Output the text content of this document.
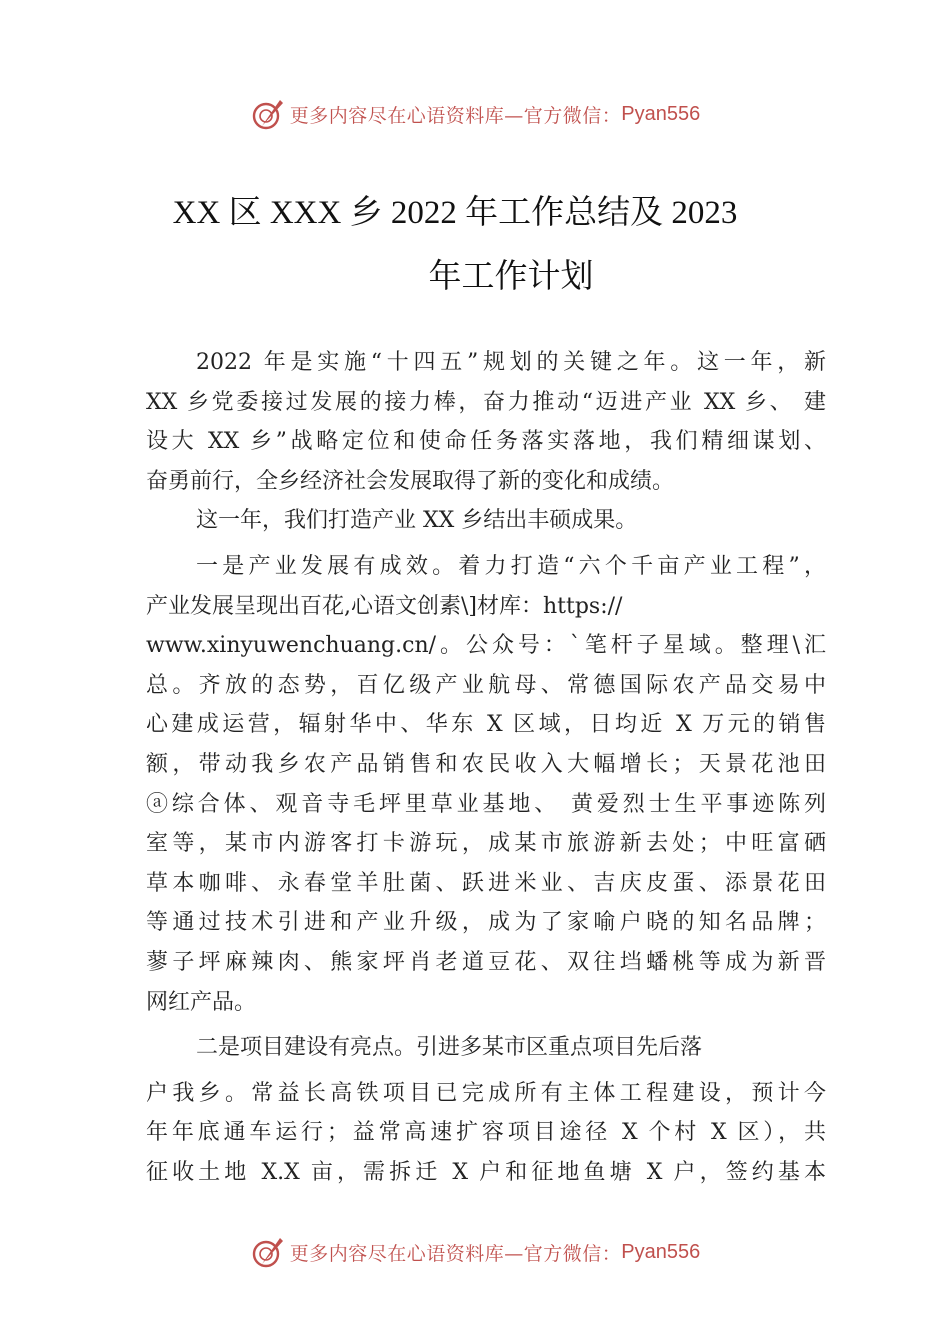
更多内容尽在心语资料库—官方微信： Pyan556
XX 区 XXX 乡 2022 年工作总结及 2023
年工作计划
2022 年是实施“十四五”规划的关键之年。这一年，新
XX 乡党委接过发展的接力棒，奋力推动“迈进产业 XX 乡、 建
设大 XX 乡”战略定位和使命任务落实落地，我们精细谋划、
奋勇前行，全乡经济社会发展取得了新的变化和成绩。
这一年，我们打造产业 XX 乡结出丰硕成果。
一是产业发展有成效。着力打造“六个千亩产业工程”，
产业发展呈现出百花,心语文创素\]材库：https://
www.xinyuwenchuang.cn/。公众号：`笔杆子星域。整理\汇
总。齐放的态势，百亿级产业航母、常德国际农产品交易中
心建成运营，辐射华中、华东 X 区域，日均近 X 万元的销售
额，带动我乡农产品销售和农民收入大幅增长；天景花池田
ⓐ综合体、观音寺毛坪里草业基地、 黄爱烈士生平事迹陈列
室等，某市内游客打卡游玩，成某市旅游新去处；中旺富硒
草本咖啡、永春堂羊肚菌、跃进米业、吉庆皮蛋、添景花田
等通过技术引进和产业升级，成为了家喻户晓的知名品牌；
蓼子坪麻辣肉、熊家坪肖老道豆花、双往垱蟠桃等成为新晋
网红产品。
二是项目建设有亮点。引进多某市区重点项目先后落
户我乡。常益长高铁项目已完成所有主体工程建设，预计今
年年底通车运行；益常高速扩容项目途径 X 个村 X 区），共
征收土地 X.X 亩，需拆迁 X 户和征地鱼塘 X 户，签约基本
更多内容尽在心语资料库—官方微信： Pyan556
